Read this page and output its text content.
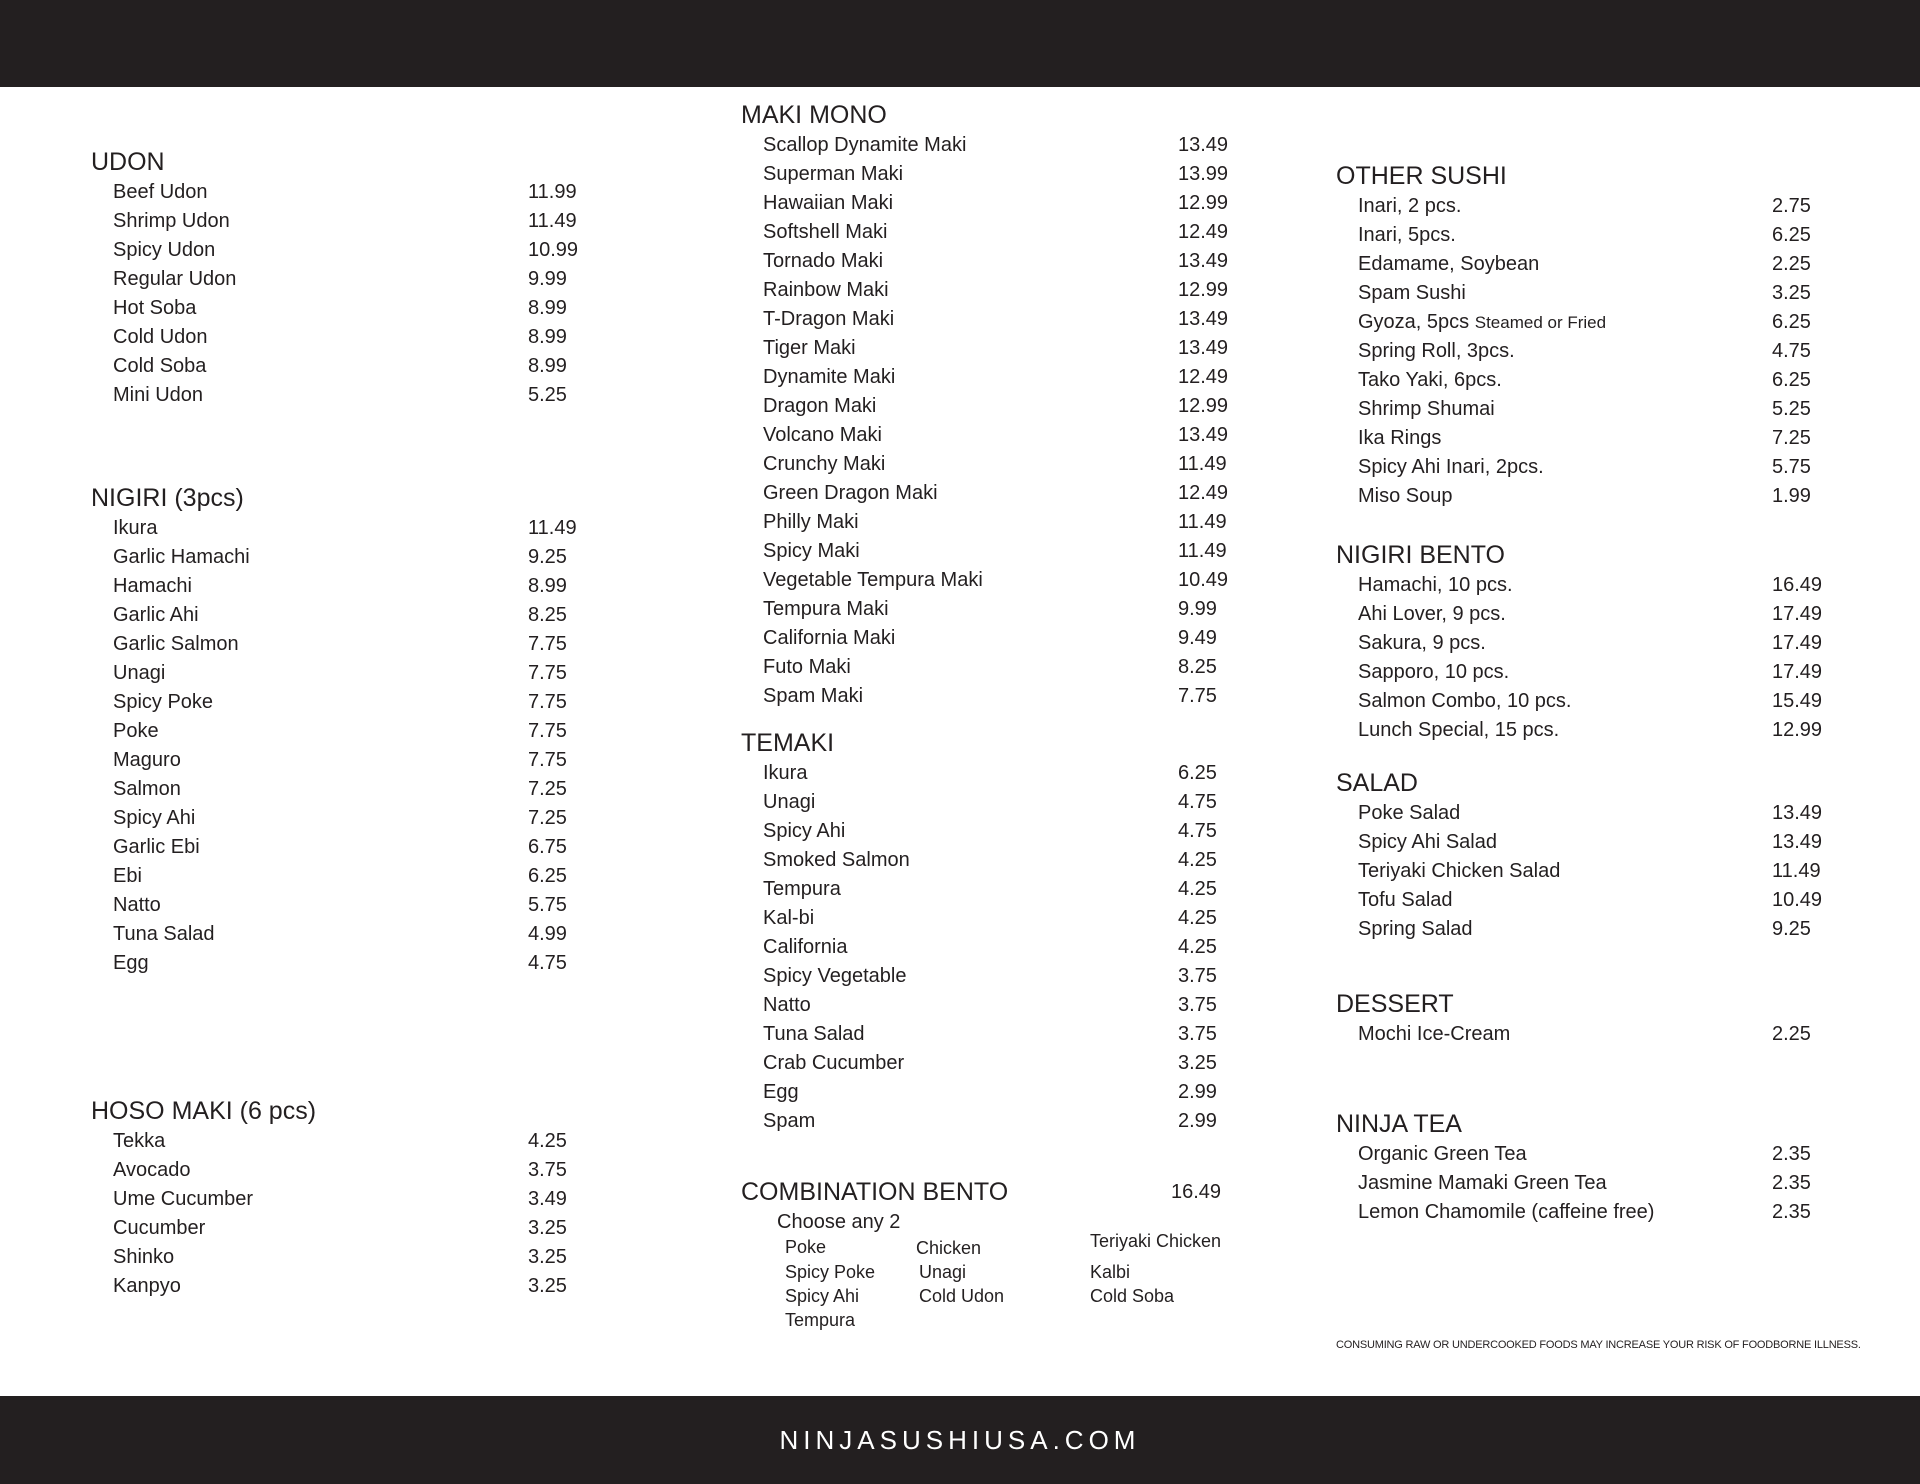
UDON
Beef Udon	11.99
Shrimp Udon	11.49
Spicy Udon	10.99
Regular Udon	9.99
Hot Soba	8.99
Cold Udon	8.99
Cold Soba	8.99
Mini Udon	5.25
NIGIRI (3pcs)
Ikura	11.49
Garlic Hamachi	9.25
Hamachi	8.99
Garlic Ahi	8.25
Garlic Salmon	7.75
Unagi	7.75
Spicy Poke	7.75
Poke	7.75
Maguro	7.75
Salmon	7.25
Spicy Ahi	7.25
Garlic Ebi	6.75
Ebi	6.25
Natto	5.75
Tuna Salad	4.99
Egg	4.75
HOSO MAKI (6 pcs)
Tekka	4.25
Avocado	3.75
Ume Cucumber	3.49
Cucumber	3.25
Shinko	3.25
Kanpyo	3.25
MAKI MONO
Scallop Dynamite Maki	13.49
Superman Maki	13.99
Hawaiian Maki	12.99
Softshell Maki	12.49
Tornado Maki	13.49
Rainbow Maki	12.99
T-Dragon Maki	13.49
Tiger Maki	13.49
Dynamite Maki	12.49
Dragon Maki	12.99
Volcano Maki	13.49
Crunchy Maki	11.49
Green Dragon Maki	12.49
Philly Maki	11.49
Spicy Maki	11.49
Vegetable Tempura Maki	10.49
Tempura Maki	9.99
California Maki	9.49
Futo Maki	8.25
Spam Maki	7.75
TEMAKI
Ikura	6.25
Unagi	4.75
Spicy Ahi	4.75
Smoked Salmon	4.25
Tempura	4.25
Kal-bi	4.25
California	4.25
Spicy Vegetable	3.75
Natto	3.75
Tuna Salad	3.75
Crab Cucumber	3.25
Egg	2.99
Spam	2.99
COMBINATION BENTO	16.49
Choose any 2
Poke
Spicy Poke
Spicy Ahi
Tempura
Chicken
Unagi
Cold Udon
Teriyaki Chicken
Kalbi
Cold Soba
OTHER SUSHI
Inari, 2 pcs.	2.75
Inari, 5pcs.	6.25
Edamame, Soybean	2.25
Spam Sushi	3.25
Gyoza, 5pcs Steamed or Fried	6.25
Spring Roll, 3pcs.	4.75
Tako Yaki, 6pcs.	6.25
Shrimp Shumai	5.25
Ika Rings	7.25
Spicy Ahi Inari, 2pcs.	5.75
Miso Soup	1.99
NIGIRI BENTO
Hamachi, 10 pcs.	16.49
Ahi Lover, 9 pcs.	17.49
Sakura, 9 pcs.	17.49
Sapporo, 10 pcs.	17.49
Salmon Combo, 10 pcs.	15.49
Lunch Special, 15 pcs.	12.99
SALAD
Poke Salad	13.49
Spicy Ahi Salad	13.49
Teriyaki Chicken Salad	11.49
Tofu Salad	10.49
Spring Salad	9.25
DESSERT
Mochi Ice-Cream	2.25
NINJA TEA
Organic Green Tea	2.35
Jasmine Mamaki Green Tea	2.35
Lemon Chamomile (caffeine free)	2.35
CONSUMING RAW OR UNDERCOOKED FOODS MAY INCREASE YOUR RISK OF FOODBORNE ILLNESS.
NINJASUSHIUSA.COM
